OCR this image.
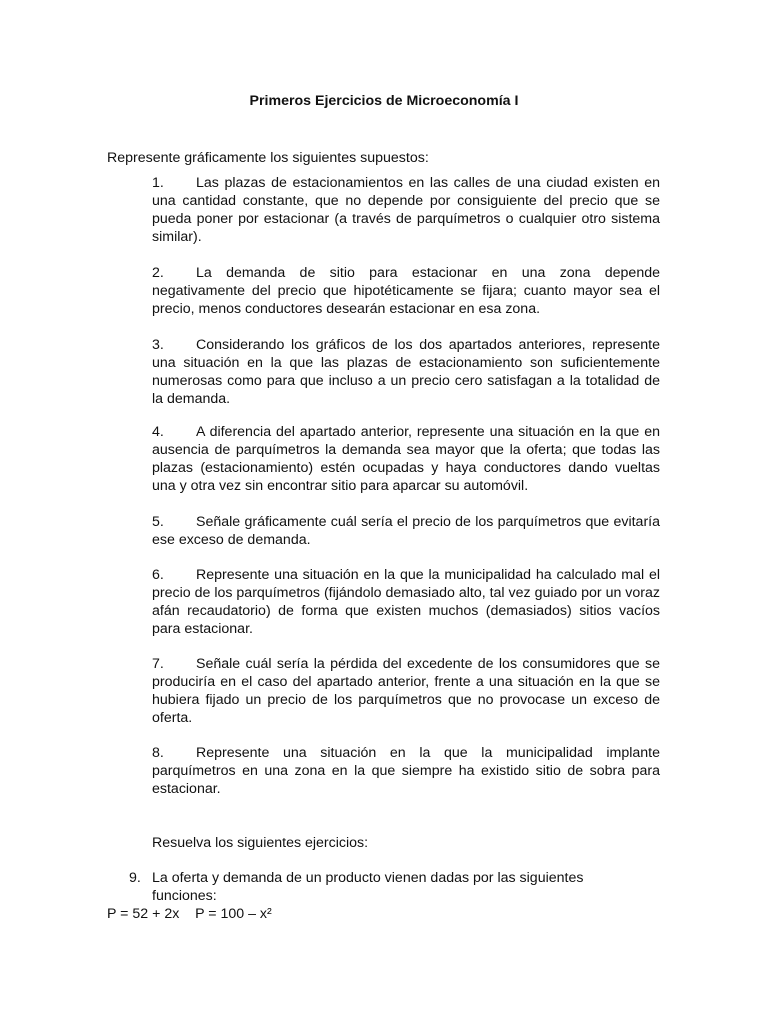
Primeros Ejercicios de Microeconomía I
Represente gráficamente los siguientes supuestos:
1. Las plazas de estacionamientos en las calles de una ciudad existen en una cantidad constante, que no depende por consiguiente del precio que se pueda poner por estacionar (a través de parquímetros o cualquier otro sistema similar).
2. La demanda de sitio para estacionar en una zona depende negativamente del precio que hipotéticamente se fijara; cuanto mayor sea el precio, menos conductores desearán estacionar en esa zona.
3. Considerando los gráficos de los dos apartados anteriores, represente una situación en la que las plazas de estacionamiento son suficientemente numerosas como para que incluso a un precio cero satisfagan a la totalidad de la demanda.
4. A diferencia del apartado anterior, represente una situación en la que en ausencia de parquímetros la demanda sea mayor que la oferta; que todas las plazas (estacionamiento) estén ocupadas y haya conductores dando vueltas una y otra vez sin encontrar sitio para aparcar su automóvil.
5. Señale gráficamente cuál sería el precio de los parquímetros que evitaría ese exceso de demanda.
6. Represente una situación en la que la municipalidad ha calculado mal el precio de los parquímetros (fijándolo demasiado alto, tal vez guiado por un voraz afán recaudatorio) de forma que existen muchos (demasiados) sitios vacíos para estacionar.
7. Señale cuál sería la pérdida del excedente de los consumidores que se produciría en el caso del apartado anterior, frente a una situación en la que se hubiera fijado un precio de los parquímetros que no provocase un exceso de oferta.
8. Represente una situación en la que la municipalidad implante parquímetros en una zona en la que siempre ha existido sitio de sobra para estacionar.
Resuelva los siguientes ejercicios:
9. La oferta y demanda de un producto vienen dadas por las siguientes
funciones:
P = 52 + 2x    P = 100 – x²
